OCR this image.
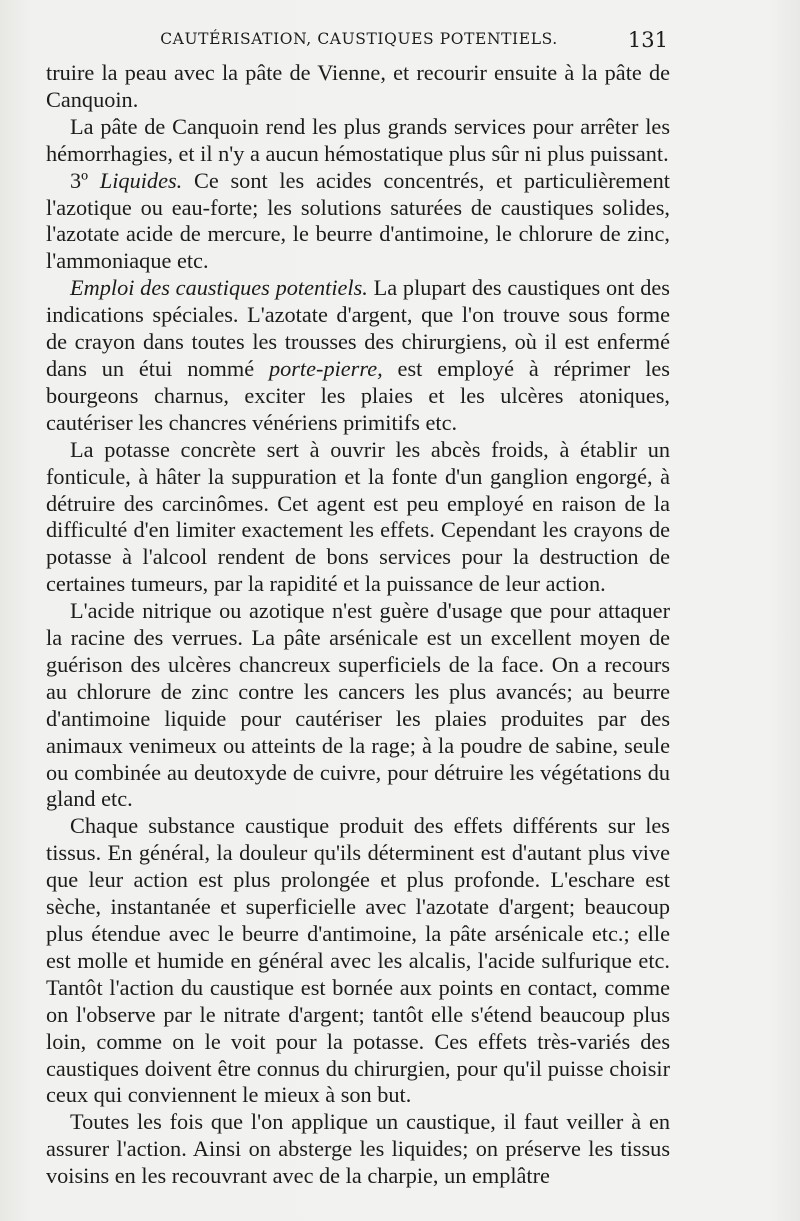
CAUTÉRISATION, CAUSTIQUES POTENTIELS.	131

truire la peau avec la pâte de Vienne, et recourir ensuite à la pâte de Canquoin.

La pâte de Canquoin rend les plus grands services pour arrêter les hémorrhagies, et il n'y a aucun hémostatique plus sûr ni plus puissant.

3º Liquides. Ce sont les acides concentrés, et particulièrement l'azotique ou eau-forte; les solutions saturées de caustiques solides, l'azotate acide de mercure, le beurre d'antimoine, le chlorure de zinc, l'ammoniaque etc.

Emploi des caustiques potentiels. La plupart des caustiques ont des indications spéciales. L'azotate d'argent, que l'on trouve sous forme de crayon dans toutes les trousses des chirurgiens, où il est enfermé dans un étui nommé porte-pierre, est employé à réprimer les bourgeons charnus, exciter les plaies et les ulcères atoniques, cautériser les chancres vénériens primitifs etc.

La potasse concrète sert à ouvrir les abcès froids, à établir un fonticule, à hâter la suppuration et la fonte d'un ganglion engorgé, à détruire des carcinômes. Cet agent est peu employé en raison de la difficulté d'en limiter exactement les effets. Cependant les crayons de potasse à l'alcool rendent de bons services pour la destruction de certaines tumeurs, par la rapidité et la puissance de leur action.

L'acide nitrique ou azotique n'est guère d'usage que pour attaquer la racine des verrues. La pâte arsénicale est un excellent moyen de guérison des ulcères chancreux superficiels de la face. On a recours au chlorure de zinc contre les cancers les plus avancés; au beurre d'antimoine liquide pour cautériser les plaies produites par des animaux venimeux ou atteints de la rage; à la poudre de sabine, seule ou combinée au deutoxyde de cuivre, pour détruire les végétations du gland etc.

Chaque substance caustique produit des effets différents sur les tissus. En général, la douleur qu'ils déterminent est d'autant plus vive que leur action est plus prolongée et plus profonde. L'eschare est sèche, instantanée et superficielle avec l'azotate d'argent; beaucoup plus étendue avec le beurre d'antimoine, la pâte arsénicale etc.; elle est molle et humide en général avec les alcalis, l'acide sulfurique etc. Tantôt l'action du caustique est bornée aux points en contact, comme on l'observe par le nitrate d'argent; tantôt elle s'étend beaucoup plus loin, comme on le voit pour la potasse. Ces effets très-variés des caustiques doivent être connus du chirurgien, pour qu'il puisse choisir ceux qui conviennent le mieux à son but.

Toutes les fois que l'on applique un caustique, il faut veiller à en assurer l'action. Ainsi on absterge les liquides; on préserve les tissus voisins en les recouvrant avec de la charpie, un emplâtre
